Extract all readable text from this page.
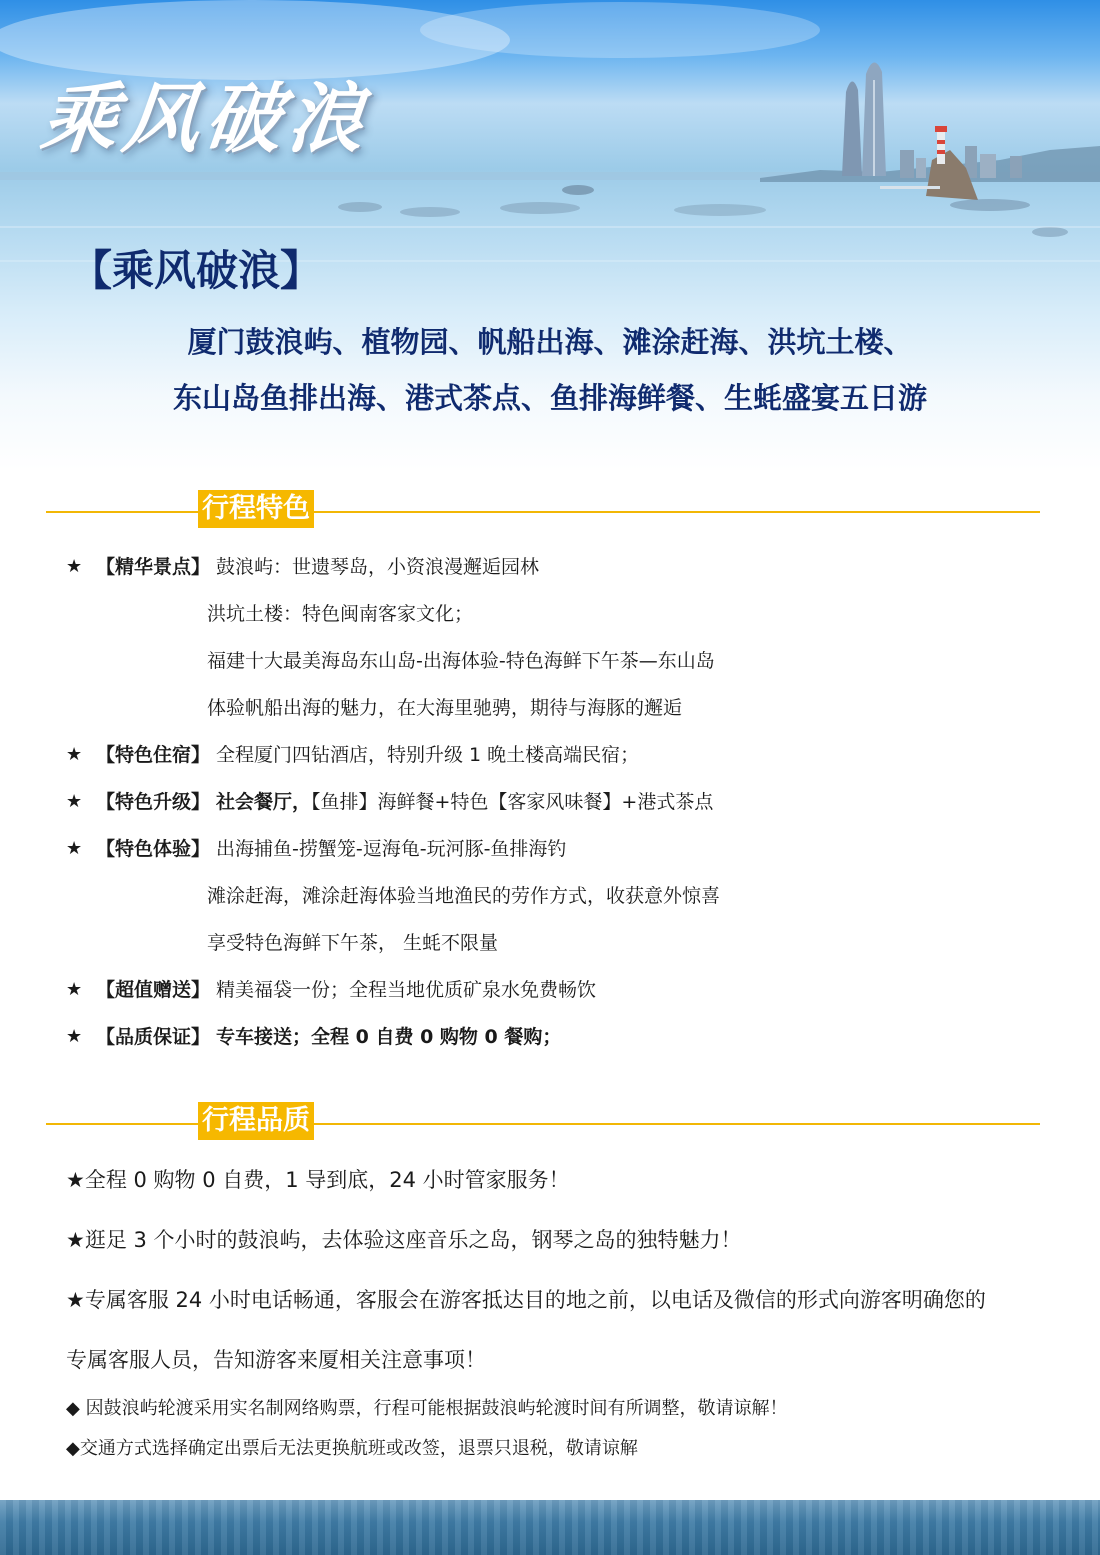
乘风破浪
【乘风破浪】
厦门鼓浪屿、植物园、帆船出海、滩涂赶海、洪坑土楼、
东山岛鱼排出海、港式茶点、鱼排海鲜餐、生蚝盛宴五日游
行程特色
★ 【精华景点】 鼓浪屿：世遗琴岛，小资浪漫邂逅园林
洪坑土楼：特色闽南客家文化；
福建十大最美海岛东山岛-出海体验-特色海鲜下午茶—东山岛
体验帆船出海的魅力，在大海里驰骋，期待与海豚的邂逅
★ 【特色住宿】 全程厦门四钻酒店，特别升级 1 晚土楼高端民宿；
★ 【特色升级】 社会餐厅，【鱼排】海鲜餐+特色【客家风味餐】+港式茶点
★ 【特色体验】 出海捕鱼-捞蟹笼-逗海龟-玩河豚-鱼排海钓
滩涂赶海，滩涂赶海体验当地渔民的劳作方式，收获意外惊喜
享受特色海鲜下午茶， 生蚝不限量
★ 【超值赠送】 精美福袋一份；全程当地优质矿泉水免费畅饮
★ 【品质保证】 专车接送；全程 0 自费 0 购物 0 餐购；
行程品质
★全程 0 购物 0 自费，1 导到底，24 小时管家服务！
★逛足 3 个小时的鼓浪屿，去体验这座音乐之岛，钢琴之岛的独特魅力！
★专属客服 24 小时电话畅通，客服会在游客抵达目的地之前，以电话及微信的形式向游客明确您的
专属客服人员，告知游客来厦相关注意事项！
◆ 因鼓浪屿轮渡采用实名制网络购票，行程可能根据鼓浪屿轮渡时间有所调整，敬请谅解！
◆交通方式选择确定出票后无法更换航班或改签，退票只退税，敬请谅解
